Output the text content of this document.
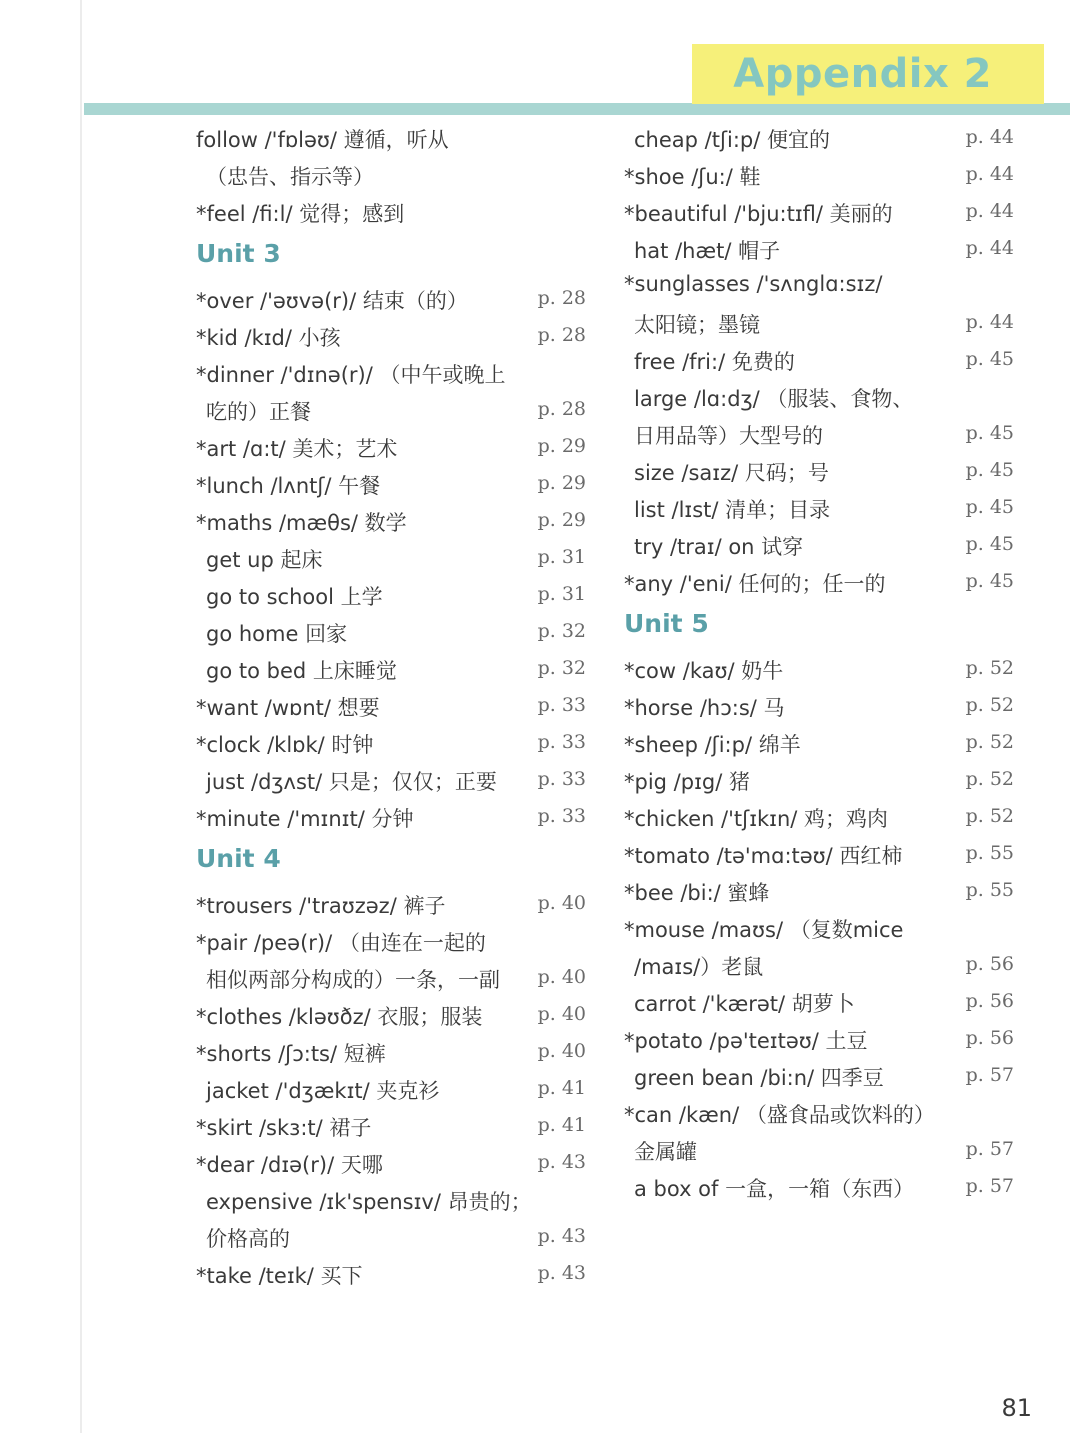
Appendix 2
follow /'fɒləʊ/ 遵循，听从
（忠告、指示等）
*feel /fi:l/ 觉得；感到
Unit 3
*over /'əʊvə(r)/ 结束（的）	p. 28
*kid /kɪd/ 小孩	p. 28
*dinner /'dɪnə(r)/ （中午或晚上
吃的）正餐	p. 28
*art /ɑ:t/ 美术；艺术	p. 29
*lunch /lʌntʃ/ 午餐	p. 29
*maths /mæθs/ 数学	p. 29
get up 起床	p. 31
go to school 上学	p. 31
go home 回家	p. 32
go to bed 上床睡觉	p. 32
*want /wɒnt/ 想要	p. 33
*clock /klɒk/ 时钟	p. 33
just /dʒʌst/ 只是；仅仅；正要 p. 33
*minute /'mɪnɪt/ 分钟	p. 33
Unit 4
*trousers /'traʊzəz/ 裤子	p. 40
*pair /peə(r)/ （由连在一起的
相似两部分构成的）一条，一副 p. 40
*clothes /kləʊðz/ 衣服；服装	p. 40
*shorts /ʃɔ:ts/ 短裤	p. 40
jacket /'dʒækɪt/ 夹克衫	p. 41
*skirt /skɜ:t/ 裙子	p. 41
*dear /dɪə(r)/ 天哪	p. 43
expensive /ɪk'spensɪv/ 昂贵的；
价格高的	p. 43
*take /teɪk/ 买下	p. 43
cheap /tʃi:p/ 便宜的	p. 44
*shoe /ʃu:/ 鞋	p. 44
*beautiful /'bju:tɪfl/ 美丽的	p. 44
hat /hæt/ 帽子	p. 44
*sunglasses /'sʌnglɑ:sɪz/
太阳镜；墨镜	p. 44
free /fri:/ 免费的	p. 45
large /lɑ:dʒ/ （服装、食物、
日用品等）大型号的	p. 45
size /saɪz/ 尺码；号	p. 45
list /lɪst/ 清单；目录	p. 45
try /traɪ/ on 试穿	p. 45
*any /'eni/ 任何的；任一的	p. 45
Unit 5
*cow /kaʊ/ 奶牛	p. 52
*horse /hɔ:s/ 马	p. 52
*sheep /ʃi:p/ 绵羊	p. 52
*pig /pɪg/ 猪	p. 52
*chicken /'tʃɪkɪn/ 鸡；鸡肉	p. 52
*tomato /tə'mɑ:təʊ/ 西红柿	p. 55
*bee /bi:/ 蜜蜂	p. 55
*mouse /maʊs/ （复数mice
/maɪs/）老鼠	p. 56
carrot /'kærət/ 胡萝卜	p. 56
*potato /pə'teɪtəʊ/ 土豆	p. 56
green bean /bi:n/ 四季豆	p. 57
*can /kæn/ （盛食品或饮料的）
金属罐	p. 57
a box of 一盒，一箱（东西）	p. 57
81
